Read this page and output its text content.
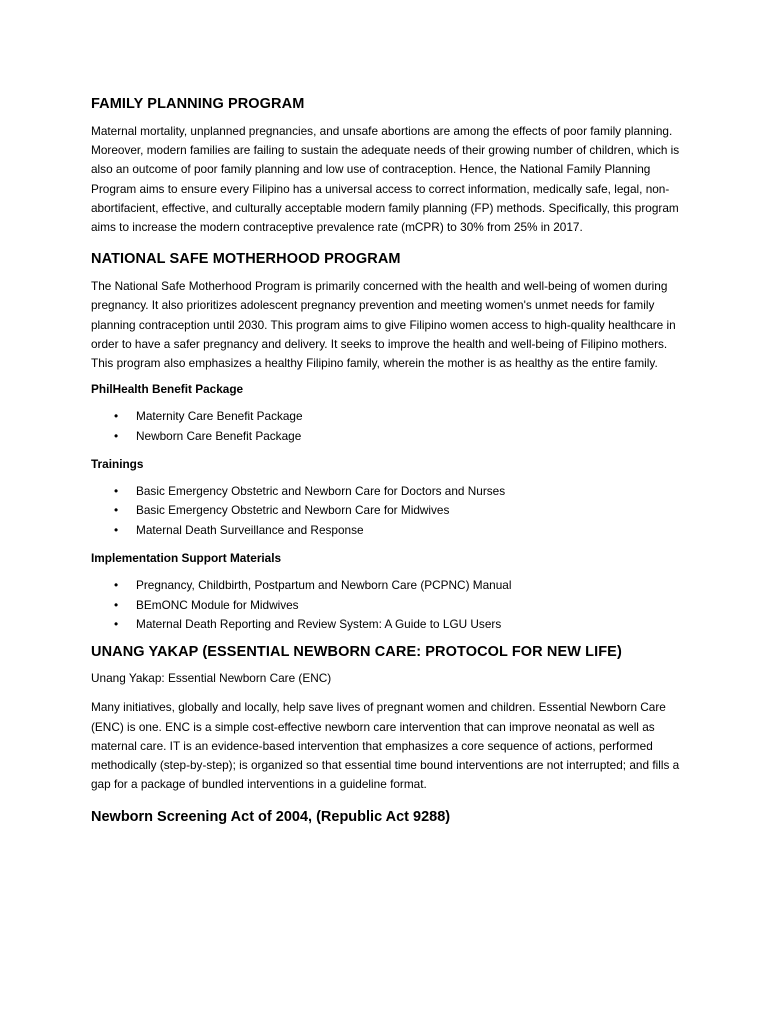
FAMILY PLANNING PROGRAM

Maternal mortality, unplanned pregnancies, and unsafe abortions are among the effects of poor family planning. Moreover, modern families are failing to sustain the adequate needs of their growing number of children, which is also an outcome of poor family planning and low use of contraception. Hence, the National Family Planning Program aims to ensure every Filipino has a universal access to correct information, medically safe, legal, non-abortifacient, effective, and culturally acceptable modern family planning (FP) methods. Specifically, this program aims to increase the modern contraceptive prevalence rate (mCPR) to 30% from 25% in 2017.

NATIONAL SAFE MOTHERHOOD PROGRAM

The National Safe Motherhood Program is primarily concerned with the health and well-being of women during pregnancy. It also prioritizes adolescent pregnancy prevention and meeting women's unmet needs for family planning contraception until 2030. This program aims to give Filipino women access to high-quality healthcare in order to have a safer pregnancy and delivery. It seeks to improve the health and well-being of Filipino mothers. This program also emphasizes a healthy Filipino family, wherein the mother is as healthy as the entire family.

PhilHealth Benefit Package
• Maternity Care Benefit Package
• Newborn Care Benefit Package
Trainings
• Basic Emergency Obstetric and Newborn Care for Doctors and Nurses
• Basic Emergency Obstetric and Newborn Care for Midwives
• Maternal Death Surveillance and Response
Implementation Support Materials
• Pregnancy, Childbirth, Postpartum and Newborn Care (PCPNC) Manual
• BEmONC Module for Midwives
• Maternal Death Reporting and Review System: A Guide to LGU Users
UNANG YAKAP (ESSENTIAL NEWBORN CARE: PROTOCOL FOR NEW LIFE)

Unang Yakap: Essential Newborn Care (ENC)

Many initiatives, globally and locally, help save lives of pregnant women and children. Essential Newborn Care (ENC) is one. ENC is a simple cost-effective newborn care intervention that can improve neonatal as well as maternal care. IT is an evidence-based intervention that emphasizes a core sequence of actions, performed methodically (step-by-step); is organized so that essential time bound interventions are not interrupted; and fills a gap for a package of bundled interventions in a guideline format.

Newborn Screening Act of 2004, (Republic Act 9288)
